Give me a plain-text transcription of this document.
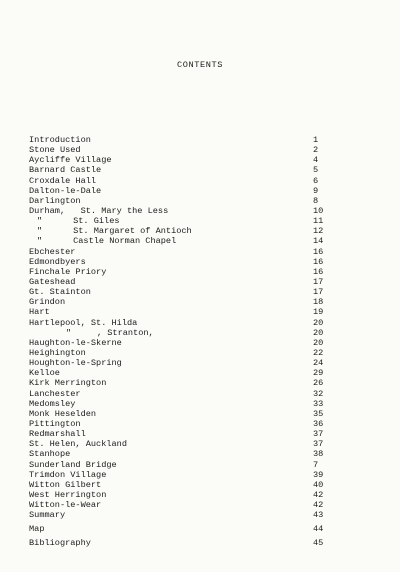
CONTENTS
Introduction	1
Stone Used	2
Aycliffe Village	4
Barnard Castle	5
Croxdale Hall	6
Dalton-le-Dale	9
Darlington	8
Durham,   St. Mary the Less	10
"      St. Giles	11
"      St. Margaret of Antioch	12
"      Castle Norman Chapel	14
Ebchester	16
Edmondbyers	16
Finchale Priory	16
Gateshead	17
Gt. Stainton	17
Grindon	18
Hart	19
Hartlepool, St. Hilda	20
"     , Stranton,	20
Haughton-le-Skerne	20
Heighington	22
Houghton-le-Spring	24
Kelloe	29
Kirk Merrington	26
Lanchester	32
Medomsley	33
Monk Heselden	35
Pittington	36
Redmarshall	37
St. Helen, Auckland	37
Stanhope	38
Sunderland Bridge	7
Trimdon Village	39
Witton Gilbert	40
West Herrington	42
Witton-le-Wear	42
Summary	43
Map	44
Bibliography	45
